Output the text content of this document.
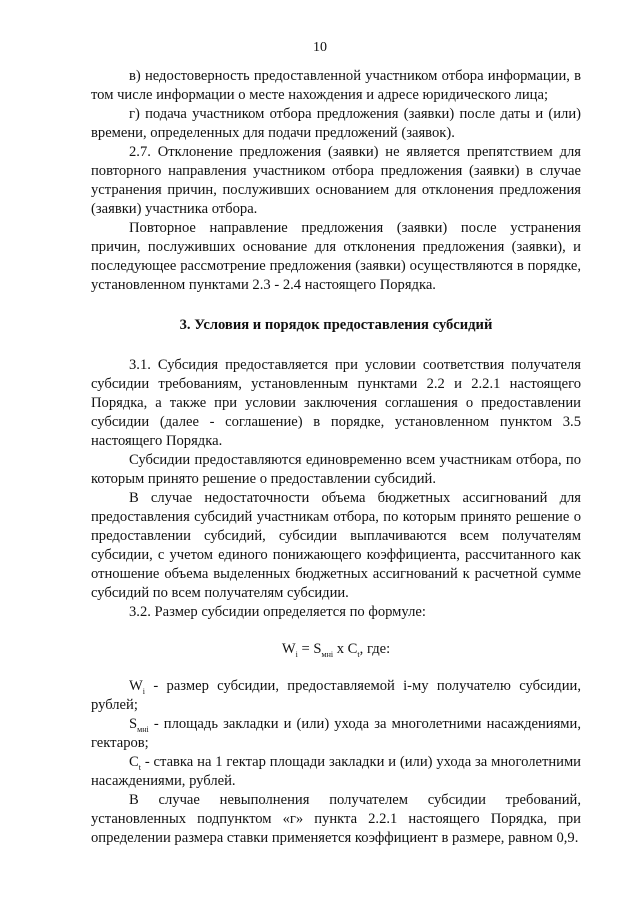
10

в) недостоверность предоставленной участником отбора информации, в том числе информации о месте нахождения и адресе юридического лица;

г) подача участником отбора предложения (заявки) после даты и (или) времени, определенных для подачи предложений (заявок).

2.7. Отклонение предложения (заявки) не является препятствием для повторного направления участником отбора предложения (заявки) в случае устранения причин, послуживших основанием для отклонения предложения (заявки) участника отбора.

Повторное направление предложения (заявки) после устранения причин, послуживших основание для отклонения предложения (заявки), и последующее рассмотрение предложения (заявки) осуществляются в порядке, установленном пунктами 2.3 - 2.4 настоящего Порядка.

3. Условия и порядок предоставления субсидий

3.1. Субсидия предоставляется при условии соответствия получателя субсидии требованиям, установленным пунктами 2.2 и 2.2.1 настоящего Порядка, а также при условии заключения соглашения о предоставлении субсидии (далее - соглашение) в порядке, установленном пунктом 3.5 настоящего Порядка.

Субсидии предоставляются единовременно всем участникам отбора, по которым принято решение о предоставлении субсидий.

В случае недостаточности объема бюджетных ассигнований для предоставления субсидий участникам отбора, по которым принято решение о предоставлении субсидий, субсидии выплачиваются всем получателям субсидии, с учетом единого понижающего коэффициента, рассчитанного как отношение объема выделенных бюджетных ассигнований к расчетной сумме субсидий по всем получателям субсидии.

3.2. Размер субсидии определяется по формуле:

$W_i = S_{мнi}$ x $C_t$, где:

$W_i$ - размер субсидии, предоставляемой i-му получателю субсидии, рублей;

$S_{мнi}$ - площадь закладки и (или) ухода за многолетними насаждениями, гектаров;

$C_t$ - ставка на 1 гектар площади закладки и (или) ухода за многолетними насаждениями, рублей.

В случае невыполнения получателем субсидии требований, установленных подпунктом «г» пункта 2.2.1 настоящего Порядка, при определении размера ставки применяется коэффициент в размере, равном 0,9.
